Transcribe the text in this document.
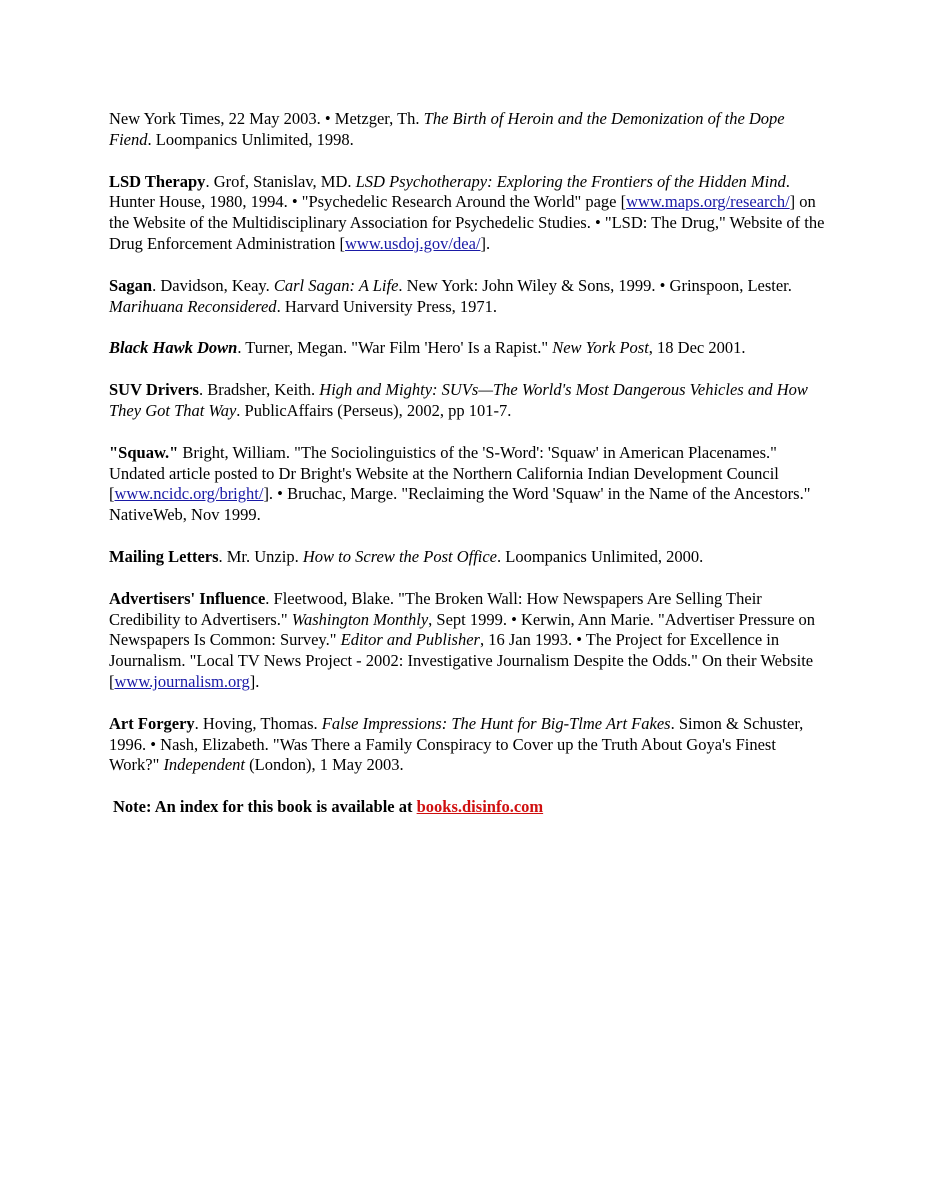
New York Times, 22 May 2003. • Metzger, Th. The Birth of Heroin and the Demonization of the Dope Fiend. Loompanics Unlimited, 1998.
LSD Therapy. Grof, Stanislav, MD. LSD Psychotherapy: Exploring the Frontiers of the Hidden Mind. Hunter House, 1980, 1994. • "Psychedelic Research Around the World" page [www.maps.org/research/] on the Website of the Multidisciplinary Association for Psychedelic Studies. • "LSD: The Drug," Website of the Drug Enforcement Administration [www.usdoj.gov/dea/].
Sagan. Davidson, Keay. Carl Sagan: A Life. New York: John Wiley & Sons, 1999. • Grinspoon, Lester. Marihuana Reconsidered. Harvard University Press, 1971.
Black Hawk Down. Turner, Megan. "War Film 'Hero' Is a Rapist." New York Post, 18 Dec 2001.
SUV Drivers. Bradsher, Keith. High and Mighty: SUVs—The World's Most Dangerous Vehicles and How They Got That Way. PublicAffairs (Perseus), 2002, pp 101-7.
"Squaw." Bright, William. "The Sociolinguistics of the 'S-Word': 'Squaw' in American Placenames." Undated article posted to Dr Bright's Website at the Northern California Indian Development Council [www.ncidc.org/bright/]. • Bruchac, Marge. "Reclaiming the Word 'Squaw' in the Name of the Ancestors." NativeWeb, Nov 1999.
Mailing Letters. Mr. Unzip. How to Screw the Post Office. Loompanics Unlimited, 2000.
Advertisers' Influence. Fleetwood, Blake. "The Broken Wall: How Newspapers Are Selling Their Credibility to Advertisers." Washington Monthly, Sept 1999. • Kerwin, Ann Marie. "Advertiser Pressure on Newspapers Is Common: Survey." Editor and Publisher, 16 Jan 1993. • The Project for Excellence in Journalism. "Local TV News Project - 2002: Investigative Journalism Despite the Odds." On their Website [www.journalism.org].
Art Forgery. Hoving, Thomas. False Impressions: The Hunt for Big-Tlme Art Fakes. Simon & Schuster, 1996. • Nash, Elizabeth. "Was There a Family Conspiracy to Cover up the Truth About Goya's Finest Work?" Independent (London), 1 May 2003.
Note: An index for this book is available at books.disinfo.com
